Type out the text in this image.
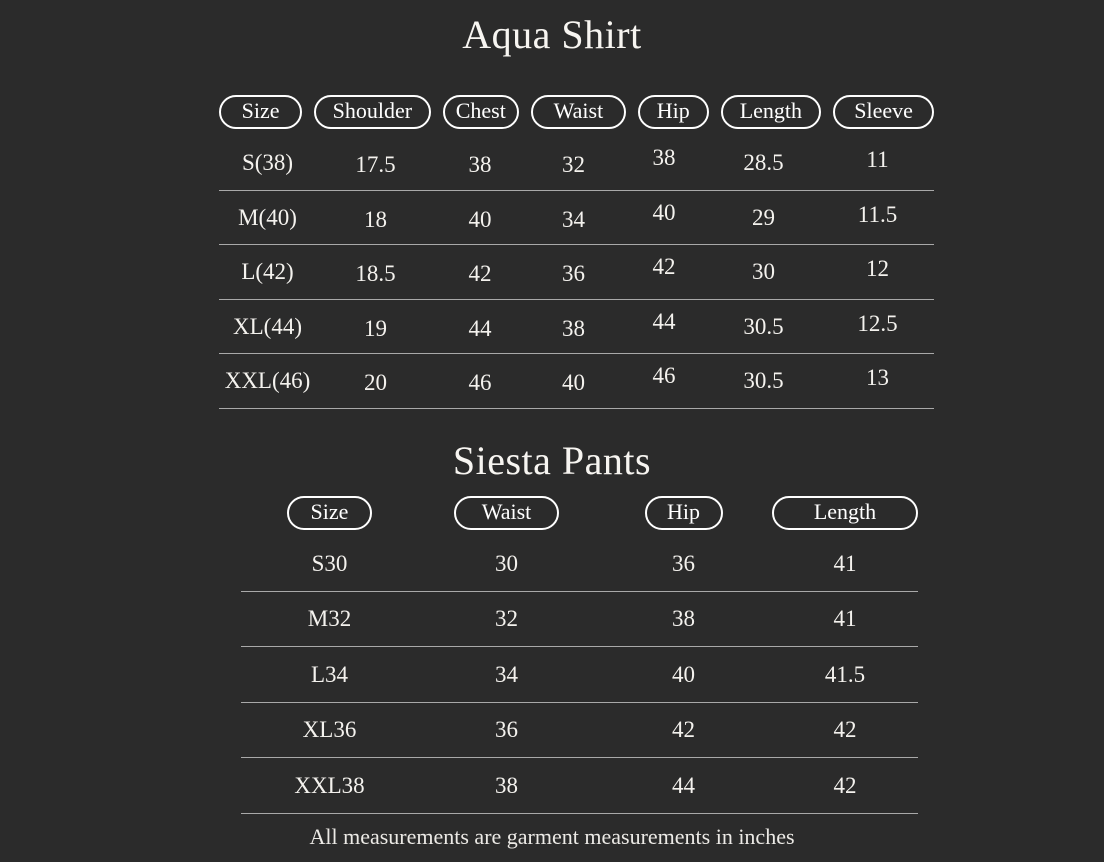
Aqua Shirt
Size Shoulder Chest Waist Hip Length Sleeve
S(38)	17.5	38	32	38	28.5	11
M(40)	18	40	34	40	29	11.5
L(42)	18.5	42	36	42	30	12
XL(44)	19	44	38	44	30.5	12.5
XXL(46)	20	46	40	46	30.5	13
Siesta Pants
Size	Waist	Hip	Length
S30	30	36	41
M32	32	38	41
L34	34	40	41.5
XL36	36	42	42
XXL38	38	44	42
All measurements are garment measurements in inches
